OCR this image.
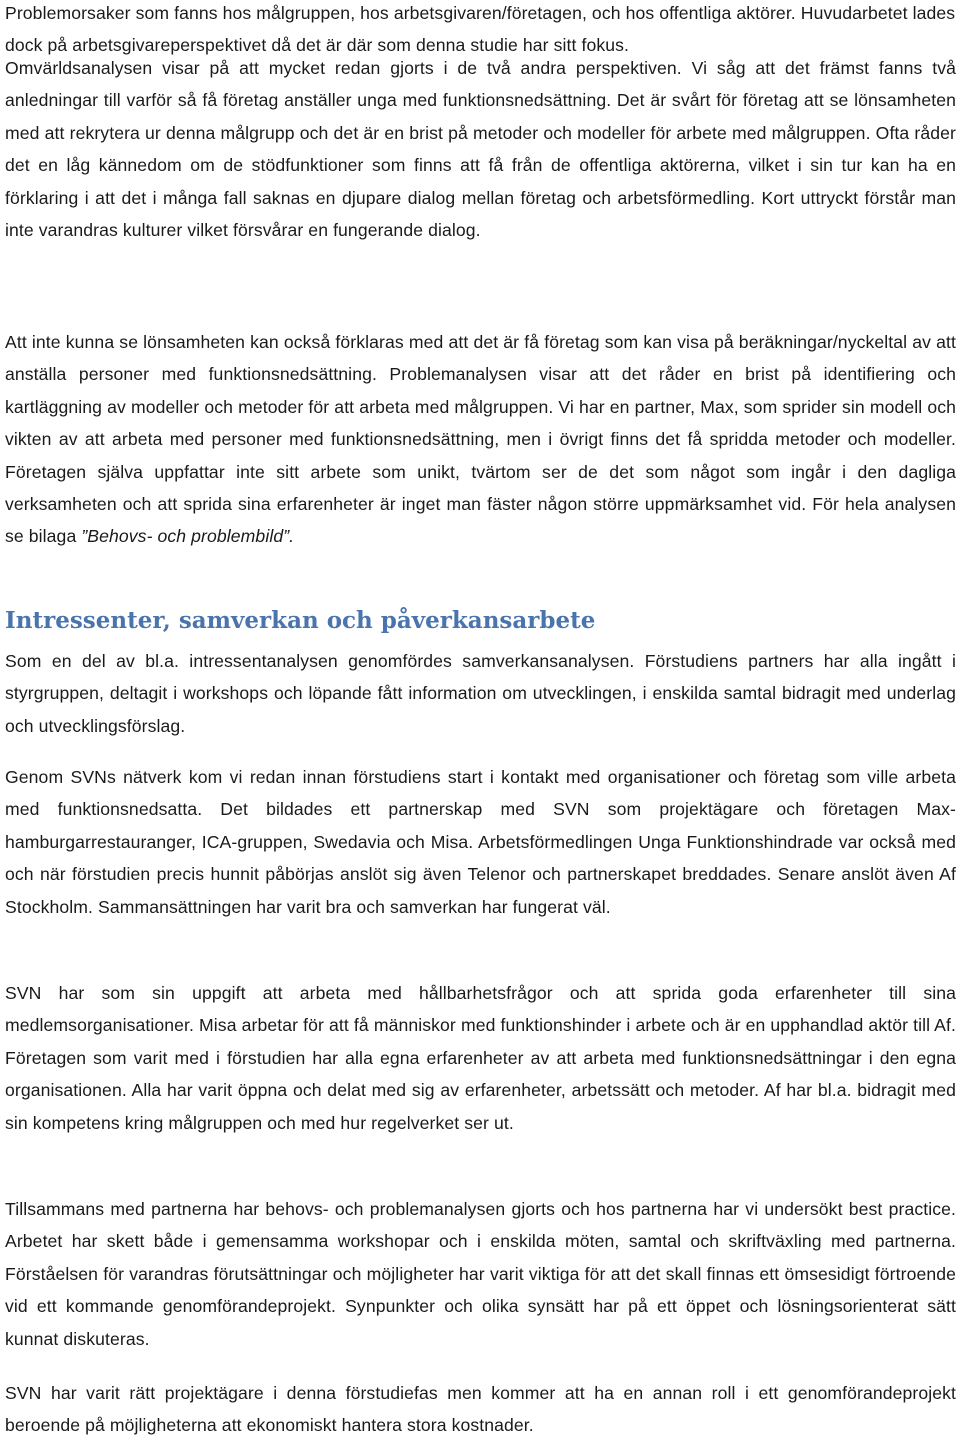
Problemorsaker som fanns hos målgruppen, hos arbetsgivaren/företagen, och hos offentliga aktörer. Huvudarbetet lades dock på arbetsgivareperspektivet då det är där som denna studie har sitt fokus.

Omvärldsanalysen visar på att mycket redan gjorts i de två andra perspektiven. Vi såg att det främst fanns två anledningar till varför så få företag anställer unga med funktionsnedsättning. Det är svårt för företag att se lönsamheten med att rekrytera ur denna målgrupp och det är en brist på metoder och modeller för arbete med målgruppen. Ofta råder det en låg kännedom om de stödfunktioner som finns att få från de offentliga aktörerna, vilket i sin tur kan ha en förklaring i att det i många fall saknas en djupare dialog mellan företag och arbetsförmedling. Kort uttryckt förstår man inte varandras kulturer vilket försvårar en fungerande dialog.

Att inte kunna se lönsamheten kan också förklaras med att det är få företag som kan visa på beräkningar/nyckeltal av att anställa personer med funktionsnedsättning. Problemanalysen visar att det råder en brist på identifiering och kartläggning av modeller och metoder för att arbeta med målgruppen. Vi har en partner, Max, som sprider sin modell och vikten av att arbeta med personer med funktionsnedsättning, men i övrigt finns det få spridda metoder och modeller. Företagen själva uppfattar inte sitt arbete som unikt, tvärtom ser de det som något som ingår i den dagliga verksamheten och att sprida sina erfarenheter är inget man fäster någon större uppmärksamhet vid. För hela analysen se bilaga ”Behovs- och problembild”.

Intressenter, samverkan och påverkansarbete

Som en del av bl.a. intressentanalysen genomfördes samverkansanalysen. Förstudiens partners har alla ingått i styrgruppen, deltagit i workshops och löpande fått information om utvecklingen, i enskilda samtal bidragit med underlag och utvecklingsförslag.

Genom SVNs nätverk kom vi redan innan förstudiens start i kontakt med organisationer och företag som ville arbeta med funktionsnedsatta. Det bildades ett partnerskap med SVN som projektägare och företagen Max-hamburgarrestauranger, ICA-gruppen, Swedavia och Misa. Arbetsförmedlingen Unga Funktionshindrade var också med och när förstudien precis hunnit påbörjas anslöt sig även Telenor och partnerskapet breddades. Senare anslöt även Af Stockholm. Sammansättningen har varit bra och samverkan har fungerat väl.

SVN har som sin uppgift att arbeta med hållbarhetsfrågor och att sprida goda erfarenheter till sina medlemsorganisationer. Misa arbetar för att få människor med funktionshinder i arbete och är en upphandlad aktör till Af. Företagen som varit med i förstudien har alla egna erfarenheter av att arbeta med funktionsnedsättningar i den egna organisationen. Alla har varit öppna och delat med sig av erfarenheter, arbetssätt och metoder. Af har bl.a. bidragit med sin kompetens kring målgruppen och med hur regelverket ser ut.

Tillsammans med partnerna har behovs- och problemanalysen gjorts och hos partnerna har vi undersökt best practice. Arbetet har skett både i gemensamma workshopar och i enskilda möten, samtal och skriftväxling med partnerna. Förståelsen för varandras förutsättningar och möjligheter har varit viktiga för att det skall finnas ett ömsesidigt förtroende vid ett kommande genomförandeprojekt. Synpunkter och olika synsätt har på ett öppet och lösningsorienterat sätt kunnat diskuteras.

SVN har varit rätt projektägare i denna förstudiefas men kommer att ha en annan roll i ett genomförandeprojekt beroende på möjligheterna att ekonomiskt hantera stora kostnader.
